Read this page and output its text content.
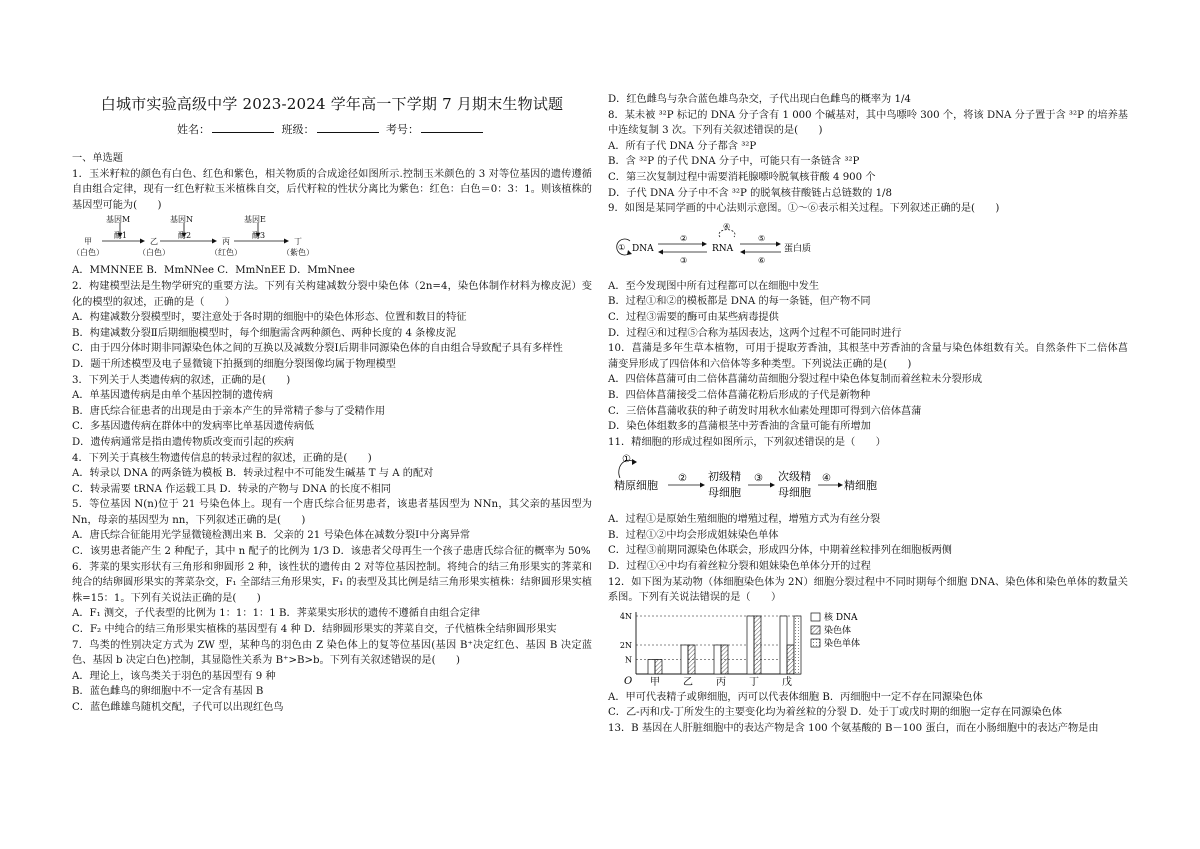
白城市实验高级中学 2023-2024 学年高一下学期 7 月期末生物试题
姓名：	班级：	考号：

一、单选题

1．玉米籽粒的颜色有白色、红色和紫色，相关物质的合成途径如图所示.控制玉米颜色的 3 对等位基因的遗传遵循自由组合定律，现有一红色籽粒玉米植株自交，后代籽粒的性状分离比为紫色：红色：白色＝0：3：1。则该植株的基因型可能为(　　)

基因M	基因N	基因E
酶1	酶2	酶3
甲	乙	丙	丁
（白色）	（白色）	（红色）	（紫色）

A．MMNNEE B．MmNNee C．MmNnEE D．MmNnee

2．构建模型法是生物学研究的重要方法。下列有关构建减数分裂中染色体（2n=4，染色体制作材料为橡皮泥）变化的模型的叙述，正确的是（　　）

A．构建减数分裂模型时，要注意处于各时期的细胞中的染色体形态、位置和数目的特征

B．构建减数分裂Ⅱ后期细胞模型时，每个细胞需含两种颜色、两种长度的 4 条橡皮泥

C．由于四分体时期非同源染色体之间的互换以及减数分裂Ⅰ后期非同源染色体的自由组合导致配子具有多样性

D．题干所述模型及电子显微镜下拍摄到的细胞分裂图像均属于物理模型

3．下列关于人类遗传病的叙述，正确的是(　　)

A．单基因遗传病是由单个基因控制的遗传病

B．唐氏综合征患者的出现是由于亲本产生的异常精子参与了受精作用

C．多基因遗传病在群体中的发病率比单基因遗传病低

D．遗传病通常是指由遗传物质改变而引起的疾病

4．下列关于真核生物遗传信息的转录过程的叙述，正确的是(　　)

A．转录以 DNA 的两条链为模板 B．转录过程中不可能发生碱基 T 与 A 的配对

C．转录需要 tRNA 作运载工具 D．转录的产物与 DNA 的长度不相同

5．等位基因 N(n)位于 21 号染色体上。现有一个唐氏综合征男患者，该患者基因型为 NNn，其父亲的基因型为 Nn，母亲的基因型为 nn，下列叙述正确的是(　　)

A．唐氏综合征能用光学显微镜检测出来 B．父亲的 21 号染色体在减数分裂Ⅰ中分离异常

C．该男患者能产生 2 种配子，其中 n 配子的比例为 1/3 D．该患者父母再生一个孩子患唐氏综合征的概率为 50%

6．荠菜的果实形状有三角形和卵圆形 2 种，该性状的遗传由 2 对等位基因控制。将纯合的结三角形果实的荠菜和纯合的结卵圆形果实的荠菜杂交，F₁ 全部结三角形果实，F₁ 的表型及其比例是结三角形果实植株：结卵圆形果实植株=15：1。下列有关说法正确的是(　　)

A．F₁ 测交，子代表型的比例为 1：1：1：1 B．荠菜果实形状的遗传不遵循自由组合定律

C．F₂ 中纯合的结三角形果实植株的基因型有 4 种 D．结卵圆形果实的荠菜自交，子代植株全结卵圆形果实

7．鸟类的性别决定方式为 ZW 型，某种鸟的羽色由 Z 染色体上的复等位基因(基因 B⁺决定红色、基因 B 决定蓝色、基因 b 决定白色)控制，其显隐性关系为 B⁺>B>b。下列有关叙述错误的是(　　)

A．理论上，该鸟类关于羽色的基因型有 9 种

B．蓝色雌鸟的卵细胞中不一定含有基因 B

C．蓝色雌雄鸟随机交配，子代可以出现红色鸟

D．红色雌鸟与杂合蓝色雄鸟杂交，子代出现白色雌鸟的概率为 1/4

8．某未被 ³²P 标记的 DNA 分子含有 1 000 个碱基对，其中鸟嘌呤 300 个，将该 DNA 分子置于含 ³²P 的培养基中连续复制 3 次。下列有关叙述错误的是(　　)

A．所有子代 DNA 分子都含 ³²P

B．含 ³²P 的子代 DNA 分子中，可能只有一条链含 ³²P

C．第三次复制过程中需要消耗腺嘌呤脱氧核苷酸 4 900 个

D．子代 DNA 分子中不含 ³²P 的脱氧核苷酸链占总链数的 1/8

9．如图是某同学画的中心法则示意图。①～⑥表示相关过程。下列叙述正确的是(　　)

① DNA
②
③
④
RNA
⑤
⑥
蛋白质

A．至今发现图中所有过程都可以在细胞中发生

B．过程①和②的模板都是 DNA 的每一条链，但产物不同

C．过程③需要的酶可由某些病毒提供

D．过程④和过程⑤合称为基因表达，这两个过程不可能同时进行

10．菖蒲是多年生草本植物，可用于提取芳香油，其根茎中芳香油的含量与染色体组数有关。自然条件下二倍体菖蒲变异形成了四倍体和六倍体等多种类型。下列说法正确的是(　　)

A．四倍体菖蒲可由二倍体菖蒲幼苗细胞分裂过程中染色体复制而着丝粒未分裂形成

B．四倍体菖蒲接受二倍体菖蒲花粉后形成的子代是新物种

C．三倍体菖蒲收获的种子萌发时用秋水仙素处理即可得到六倍体菖蒲

D．染色体组数多的菖蒲根茎中芳香油的含量可能有所增加

11．精细胞的形成过程如图所示，下列叙述错误的是（　　）

①
精原细胞
② 初级精
母细胞
③ 次级精
母细胞
④
精细胞

A．过程①是原始生殖细胞的增殖过程，增殖方式为有丝分裂

B．过程①②中均会形成姐妹染色单体

C．过程③前期同源染色体联会，形成四分体，中期着丝粒排列在细胞板两侧

D．过程①④中均有着丝粒分裂和姐妹染色单体分开的过程

12．如下图为某动物（体细胞染色体为 2N）细胞分裂过程中不同时期每个细胞 DNA、染色体和染色单体的数量关系图。下列有关说法错误的是（　　）

O
N
2N
4N
甲 乙 丙 丁 戊
核 DNA
染色体
染色单体

A．甲可代表精子或卵细胞，丙可以代表体细胞 B．丙细胞中一定不存在同源染色体

C．乙-丙和戊-丁所发生的主要变化均为着丝粒的分裂 D．处于丁或戊时期的细胞一定存在同源染色体

13．B 基因在人肝脏细胞中的表达产物是含 100 个氨基酸的 B－100 蛋白，而在小肠细胞中的表达产物是由
